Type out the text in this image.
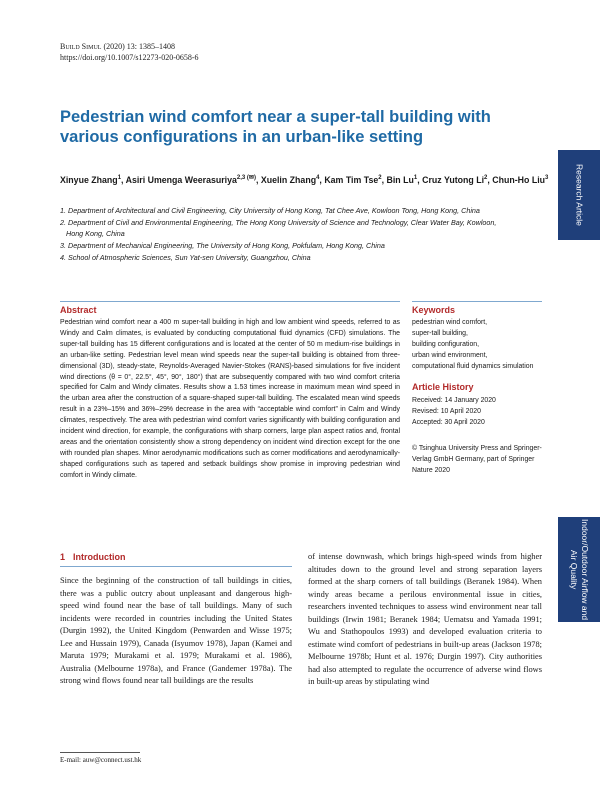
Build Simul (2020) 13: 1385–1408
https://doi.org/10.1007/s12273-020-0658-6
Pedestrian wind comfort near a super-tall building with various configurations in an urban-like setting
Xinyue Zhang$^1$, Asiri Umenga Weerasuriya$^{2,3 (✉)}$, Xuelin Zhang$^4$, Kam Tim Tse$^2$, Bin Lu$^1$, Cruz Yutong Li$^2$, Chun-Ho Liu$^3$
1. Department of Architectural and Civil Engineering, City University of Hong Kong, Tat Chee Ave, Kowloon Tong, Hong Kong, China
2. Department of Civil and Environmental Engineering, The Hong Kong University of Science and Technology, Clear Water Bay, Kowloon,
Hong Kong, China
3. Department of Mechanical Engineering, The University of Hong Kong, Pokfulam, Hong Kong, China
4. School of Atmospheric Sciences, Sun Yat-sen University, Guangzhou, China
Abstract
Pedestrian wind comfort near a 400 m super-tall building in high and low ambient wind speeds, referred to as Windy and Calm climates, is evaluated by conducting computational fluid dynamics (CFD) simulations. The super-tall building has 15 different configurations and is located at the center of 50 m medium-rise buildings in an urban-like setting. Pedestrian level mean wind speeds near the super-tall building is obtained from three-dimensional (3D), steady-state, Reynolds-Averaged Navier-Stokes (RANS)-based simulations for five incident wind directions (θ = 0°, 22.5°, 45°, 90°, 180°) that are subsequently compared with two wind comfort criteria specified for Calm and Windy climates. Results show a 1.53 times increase in maximum mean wind speed in the urban area after the construction of a square-shaped super-tall building. The escalated mean wind speeds result in a 23%–15% and 36%–29% decrease in the area with “acceptable wind comfort” in Calm and Windy climates, respectively. The area with pedestrian wind comfort varies significantly with building configuration and incident wind direction, for example, the configurations with sharp corners, large plan aspect ratios and, frontal areas and the orientation consistently show a strong dependency on incident wind direction except for the one with rounded plan shapes. Minor aerodynamic modifications such as corner modifications and aerodynamically-shaped configurations such as tapered and setback buildings show promise in improving pedestrian wind comfort in Windy climate.
Keywords
pedestrian wind comfort,
super-tall building,
building configuration,
urban wind environment,
computational fluid dynamics simulation
Article History
Received: 14 January 2020
Revised: 10 April 2020
Accepted: 30 April 2020
© Tsinghua University Press and Springer-Verlag GmbH Germany, part of Springer Nature 2020
1 Introduction
Since the beginning of the construction of tall buildings in cities, there was a public outcry about unpleasant and dangerous high-speed wind found near the base of tall buildings. Many of such incidents were recorded in countries including the United States (Durgin 1992), the United Kingdom (Penwarden and Wisse 1975; Lee and Hussain 1979), Canada (Isyumov 1978), Japan (Kamei and Maruta 1979; Murakami et al. 1979; Murakami et al. 1986), Australia (Melbourne 1978a), and France (Gandemer 1978a). The strong wind flows found near tall buildings are the results
of intense downwash, which brings high-speed winds from higher altitudes down to the ground level and strong separation layers formed at the sharp corners of tall buildings (Beranek 1984). When windy areas became a perilous environmental issue in cities, researchers invented techniques to assess wind environment near tall buildings (Irwin 1981; Beranek 1984; Uematsu and Yamada 1991; Wu and Stathopoulos 1993) and developed evaluation criteria to estimate wind comfort of pedestrians in built-up areas (Jackson 1978; Melbourne 1978b; Hunt et al. 1976; Durgin 1997). City authorities had also attempted to regulate the occurrence of adverse wind flows in built-up areas by stipulating wind
E-mail: auw@connect.ust.hk
Research Article
Indoor/Outdoor Airflow and Air Quality
